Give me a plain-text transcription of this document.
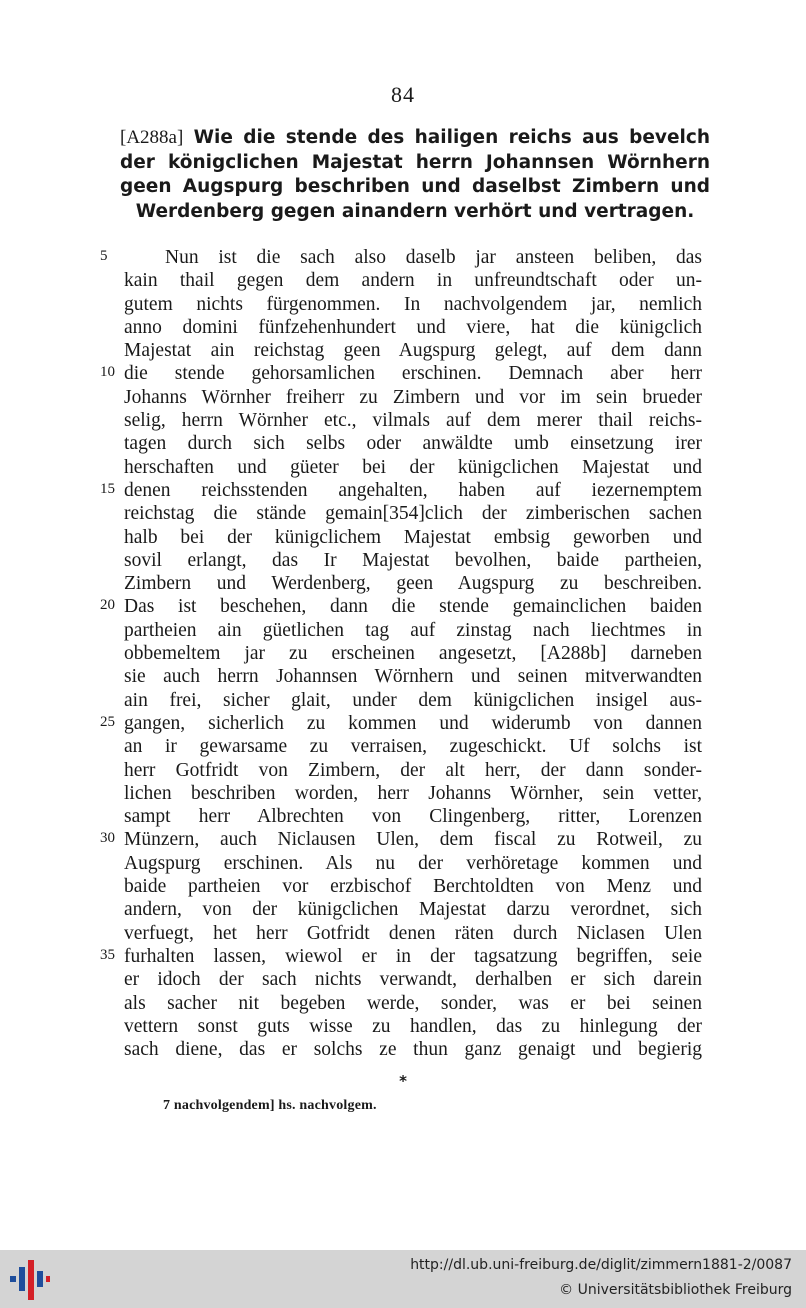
84
[A288a] Wie die stende des hailigen reichs aus bevelch der königclichen Majestat herrn Johannsen Wörnhern geen Augspurg beschriben und daselbst Zimbern und Werdenberg gegen ainandern verhört und vertragen.
5	Nun ist die sach also daselb jar ansteen beliben, das
kain thail gegen dem andern in unfreundtschaft oder un-
gutem nichts fürgenommen. In nachvolgendem jar, nemlich
anno domini fünfzehenhundert und viere, hat die künigclich
Majestat ain reichstag geen Augspurg gelegt, auf dem dann
10 die stende gehorsamlichen erschinen. Demnach aber herr
Johanns Wörnher freiherr zu Zimbern und vor im sein brueder
selig, herrn Wörnher etc., vilmals auf dem merer thail reichs-
tagen durch sich selbs oder anwäldte umb einsetzung irer
herschaften und güeter bei der künigclichen Majestat und
15 denen reichsstenden angehalten, haben auf iezernemptem
reichstag die stände gemain[354]clich der zimberischen sachen
halb bei der künigclichem Majestat embsig geworben und
sovil erlangt, das Ir Majestat bevolhen, baide partheien,
Zimbern und Werdenberg, geen Augspurg zu beschreiben.
20 Das ist beschehen, dann die stende gemainclichen baiden
partheien ain güetlichen tag auf zinstag nach liechtmes in
obbemeltem jar zu erscheinen angesetzt, [A288b] darneben
sie auch herrn Johannsen Wörnhern und seinen mitverwandten
ain frei, sicher glait, under dem künigclichen insigel aus-
25 gangen, sicherlich zu kommen und widerumb von dannen
an ir gewarsame zu verraisen, zugeschickt. Uf solchs ist
herr Gotfridt von Zimbern, der alt herr, der dann sonder-
lichen beschriben worden, herr Johanns Wörnher, sein vetter,
sampt herr Albrechten von Clingenberg, ritter, Lorenzen
30 Münzern, auch Niclausen Ulen, dem fiscal zu Rotweil, zu
Augspurg erschinen. Als nu der verhöretage kommen und
baide partheien vor erzbischof Berchtoldten von Menz und
andern, von der künigclichen Majestat darzu verordnet, sich
verfuegt, het herr Gotfridt denen räten durch Niclasen Ulen
35 furhalten lassen, wiewol er in der tagsatzung begriffen, seie
er idoch der sach nichts verwandt, derhalben er sich darein
als sacher nit begeben werde, sonder, was er bei seinen
vettern sonst guts wisse zu handlen, das zu hinlegung der
sach diene, das er solchs ze thun ganz genaigt und begierig
*
7 nachvolgendem] hs. nachvolgem.
http://dl.ub.uni-freiburg.de/diglit/zimmern1881-2/0087
© Universitätsbibliothek Freiburg
